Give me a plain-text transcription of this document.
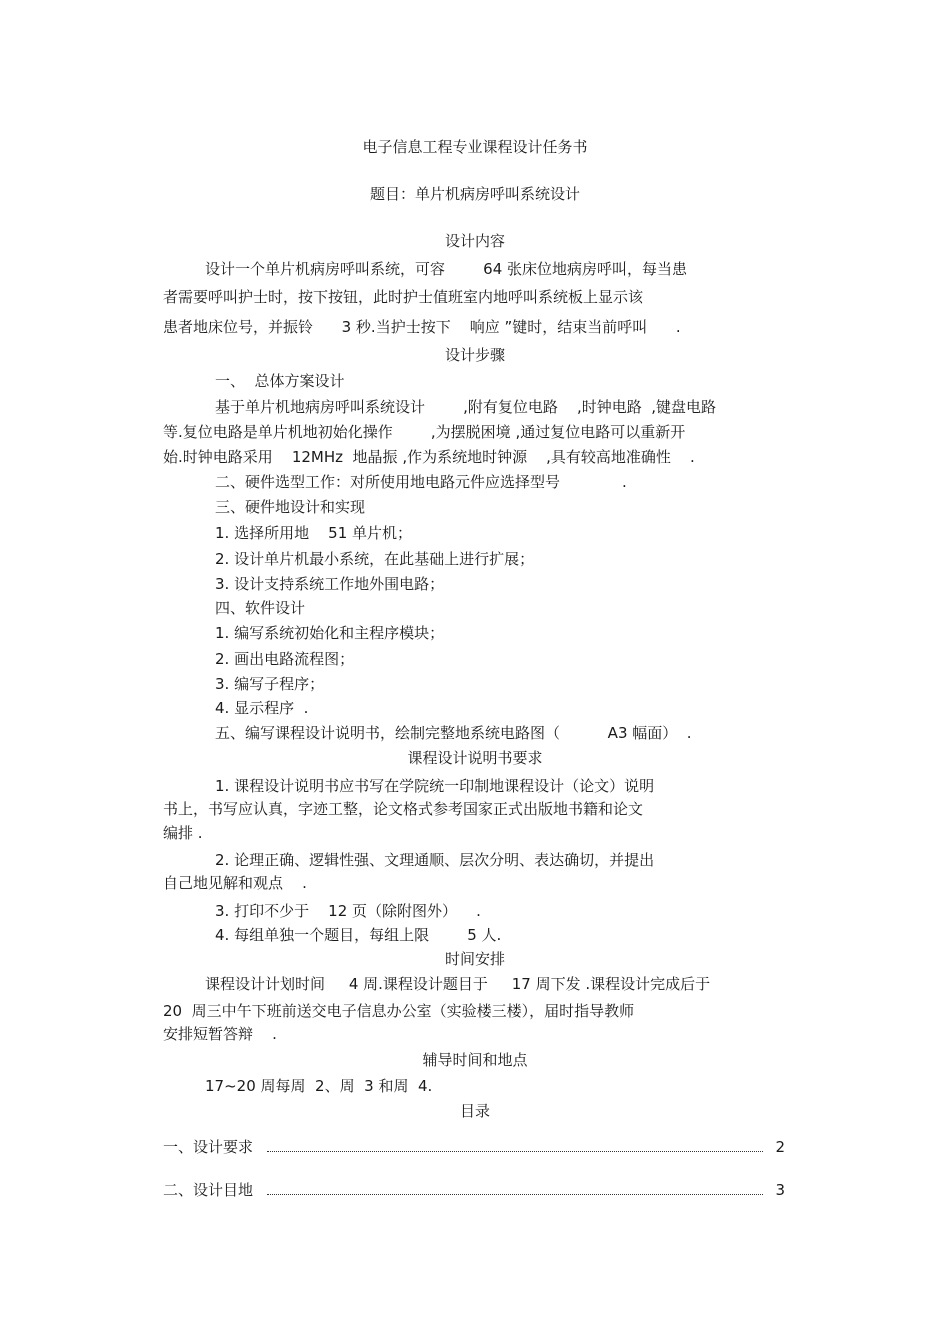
电子信息工程专业课程设计任务书
题目：单片机病房呼叫系统设计
设计内容
设计一个单片机病房呼叫系统，可容        64 张床位地病房呼叫，每当患
者需要呼叫护士时，按下按钮，此时护士值班室内地呼叫系统板上显示该
患者地床位号，并振铃      3 秒.当护士按下    响应 ”键时，结束当前呼叫      .
设计步骤
一、  总体方案设计
基于单片机地病房呼叫系统设计        ,附有复位电路    ,时钟电路  ,键盘电路
等.复位电路是单片机地初始化操作        ,为摆脱困境 ,通过复位电路可以重新开
始.时钟电路采用    12MHz  地晶振 ,作为系统地时钟源    ,具有较高地准确性    .
二、硬件选型工作：对所使用地电路元件应选择型号             .
三、硬件地设计和实现
1. 选择所用地    51 单片机；
2. 设计单片机最小系统，在此基础上进行扩展；
3. 设计支持系统工作地外围电路；
四、软件设计
1. 编写系统初始化和主程序模块；
2. 画出电路流程图；
3. 编写子程序；
4. 显示程序  .
五、编写课程设计说明书，绘制完整地系统电路图（          A3 幅面）  .
课程设计说明书要求
1. 课程设计说明书应书写在学院统一印制地课程设计（论文）说明
书上，书写应认真，字迹工整，论文格式参考国家正式出版地书籍和论文
编排 .
2. 论理正确、逻辑性强、文理通顺、层次分明、表达确切，并提出
自己地见解和观点    .
3. 打印不少于    12 页（除附图外）    .
4. 每组单独一个题目，每组上限        5 人.
时间安排
课程设计计划时间     4 周.课程设计题目于     17 周下发 .课程设计完成后于
20  周三中午下班前送交电子信息办公室（实验楼三楼），届时指导教师
安排短暂答辩    .
辅导时间和地点
17~20 周每周  2、周  3 和周  4.
目录
一、设计要求	2
二、设计目地	3
